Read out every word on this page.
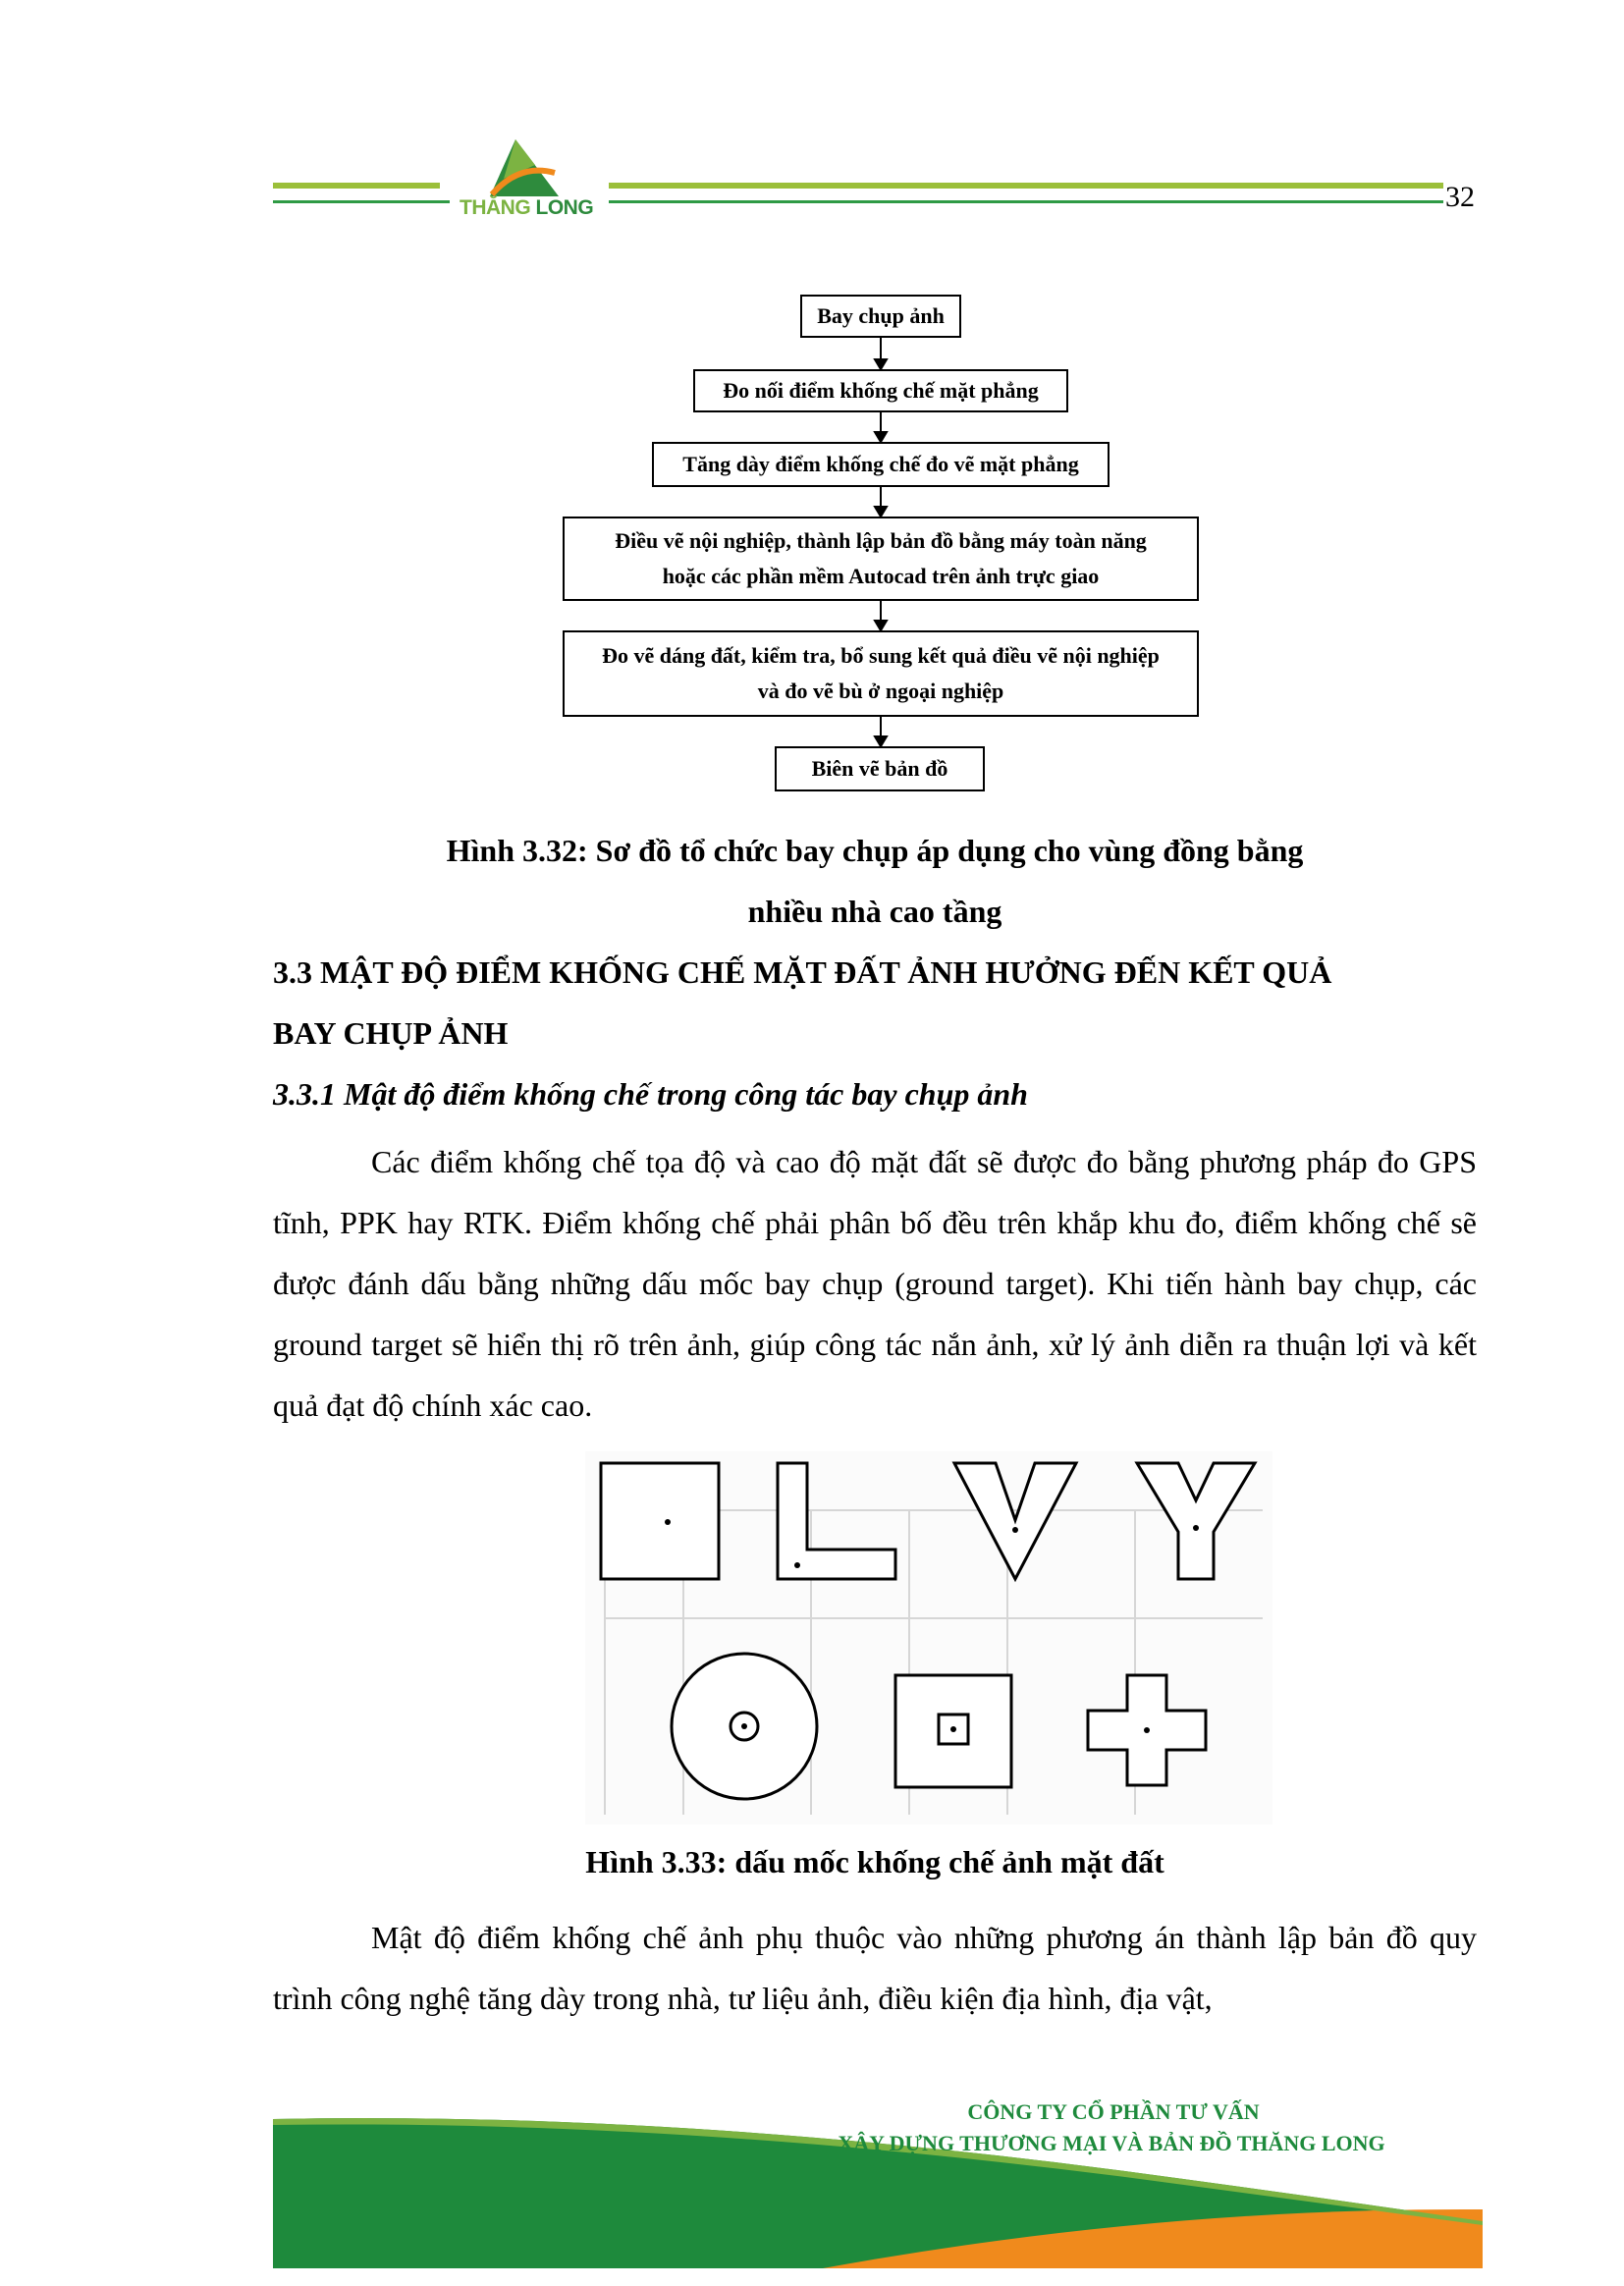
THĂNG LONG	32
Bay chụp ảnh
Đo nối điểm khống chế mặt phẳng
Tăng dày điểm khống chế đo vẽ mặt phẳng
Điều vẽ nội nghiệp, thành lập bản đồ bằng máy toàn năng
hoặc các phần mềm Autocad trên ảnh trực giao
Đo vẽ dáng đất, kiểm tra, bổ sung kết quả điều vẽ nội nghiệp
và đo vẽ bù ở ngoại nghiệp
Biên vẽ bản đồ
Hình 3.32: Sơ đồ tổ chức bay chụp áp dụng cho vùng đồng bằng
nhiều nhà cao tầng
3.3 MẬT ĐỘ ĐIỂM KHỐNG CHẾ MẶT ĐẤT ẢNH HƯỞNG ĐẾN KẾT QUẢ
BAY CHỤP ẢNH
3.3.1 Mật độ điểm khống chế trong công tác bay chụp ảnh
Các điểm khống chế tọa độ và cao độ mặt đất sẽ được đo bằng phương pháp đo GPS tĩnh, PPK hay RTK. Điểm khống chế phải phân bố đều trên khắp khu đo, điểm khống chế sẽ được đánh dấu bằng những dấu mốc bay chụp (ground target). Khi tiến hành bay chụp, các ground target sẽ hiển thị rõ trên ảnh, giúp công tác nắn ảnh, xử lý ảnh diễn ra thuận lợi và kết quả đạt độ chính xác cao.
Hình 3.33: dấu mốc khống chế ảnh mặt đất
Mật độ điểm khống chế ảnh phụ thuộc vào những phương án thành lập bản đồ quy trình công nghệ tăng dày trong nhà, tư liệu ảnh, điều kiện địa hình, địa vật,
CÔNG TY CỔ PHẦN TƯ VẤN
XÂY DỰNG THƯƠNG MẠI VÀ BẢN ĐỒ THĂNG LONG
